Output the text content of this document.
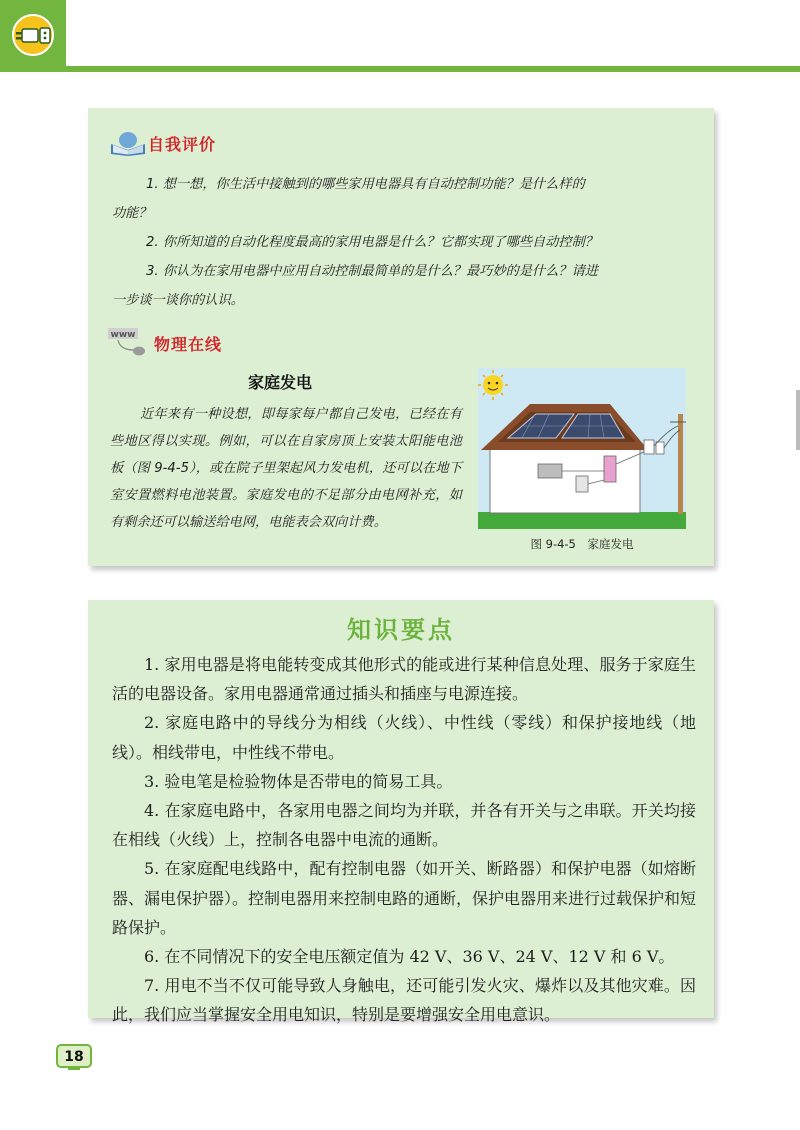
自我评价

1. 想一想，你生活中接触到的哪些家用电器具有自动控制功能？是什么样的

功能？

2. 你所知道的自动化程度最高的家用电器是什么？它都实现了哪些自动控制？

3. 你认为在家用电器中应用自动控制最简单的是什么？最巧妙的是什么？请进

一步谈一谈你的认识。

www 物理在线
家庭发电
近年来有一种设想，即每家每户都自己发电，已经在有些地区得以实现。例如，可以在自家房顶上安装太阳能电池板（图 9-4-5），或在院子里架起风力发电机，还可以在地下室安置燃料电池装置。家庭发电的不足部分由电网补充，如有剩余还可以输送给电网，电能表会双向计费。
图 9-4-5 家庭发电
知识要点

1. 家用电器是将电能转变成其他形式的能或进行某种信息处理、服务于家庭生活的电器设备。家用电器通常通过插头和插座与电源连接。

2. 家庭电路中的导线分为相线（火线）、中性线（零线）和保护接地线（地线）。相线带电，中性线不带电。

3. 验电笔是检验物体是否带电的简易工具。

4. 在家庭电路中，各家用电器之间均为并联，并各有开关与之串联。开关均接在相线（火线）上，控制各电器中电流的通断。

5. 在家庭配电线路中，配有控制电器（如开关、断路器）和保护电器（如熔断器、漏电保护器）。控制电器用来控制电路的通断，保护电器用来进行过载保护和短路保护。

6. 在不同情况下的安全电压额定值为 42 V、36 V、24 V、12 V 和 6 V。

7. 用电不当不仅可能导致人身触电，还可能引发火灾、爆炸以及其他灾难。因此，我们应当掌握安全用电知识，特别是要增强安全用电意识。

18
